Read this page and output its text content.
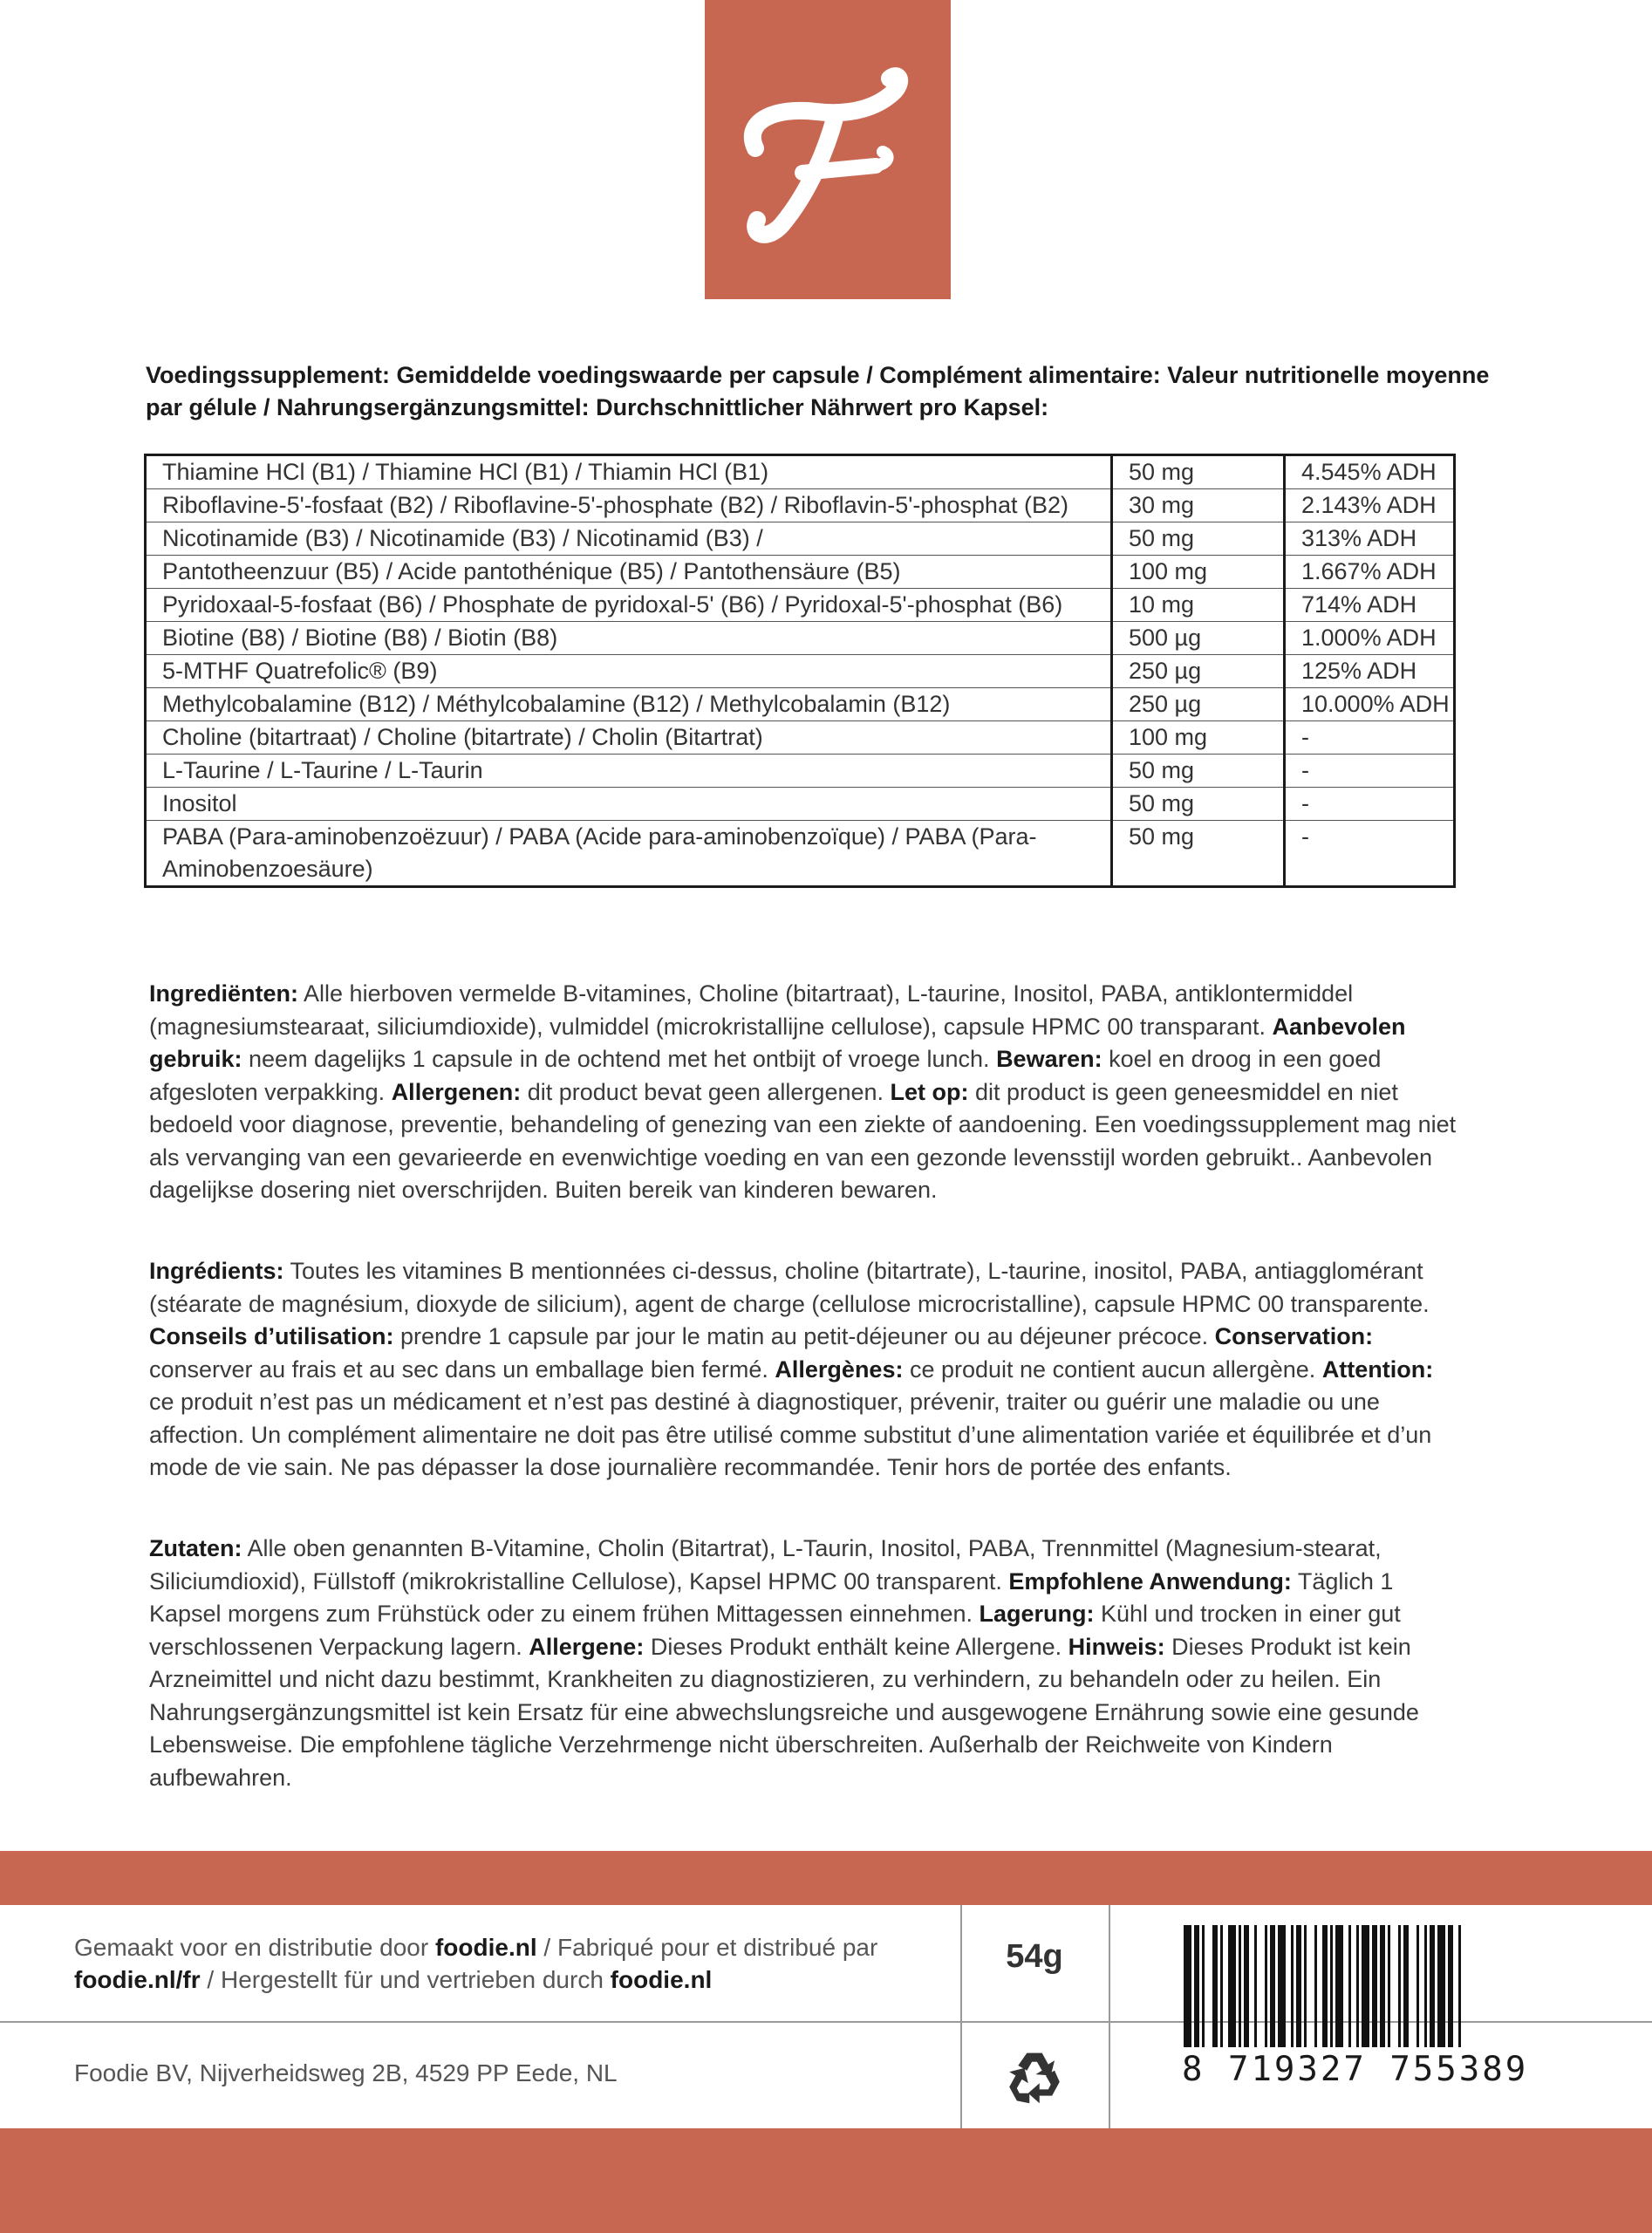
Voedingssupplement: Gemiddelde voedingswaarde per capsule / Complément alimentaire: Valeur nutritionelle moyenne par gélule / Nahrungsergänzungsmittel: Durchschnittlicher Nährwert pro Kapsel:
Thiamine HCl (B1) / Thiamine HCl (B1) / Thiamin HCl (B1)	50 mg	4.545% ADH
Riboflavine-5'-fosfaat (B2) / Riboflavine-5'-phosphate (B2) / Riboflavin-5'-phosphat (B2)	30 mg	2.143% ADH
Nicotinamide (B3) / Nicotinamide (B3) / Nicotinamid (B3) /	50 mg	313% ADH
Pantotheenzuur (B5) / Acide pantothénique (B5) / Pantothensäure (B5)	100 mg	1.667% ADH
Pyridoxaal-5-fosfaat (B6) / Phosphate de pyridoxal-5' (B6) / Pyridoxal-5'-phosphat (B6)	10 mg	714% ADH
Biotine (B8) / Biotine (B8) / Biotin (B8)	500 µg	1.000% ADH
5-MTHF Quatrefolic® (B9)	250 µg	125% ADH
Methylcobalamine (B12) / Méthylcobalamine (B12) / Methylcobalamin (B12)	250 µg	10.000% ADH
Choline (bitartraat) / Choline (bitartrate) / Cholin (Bitartrat)	100 mg	-
L-Taurine / L-Taurine / L-Taurin	50 mg	-
Inositol	50 mg	-
PABA (Para-aminobenzoëzuur) / PABA (Acide para-aminobenzoïque) / PABA (Para-Aminobenzoesäure)	50 mg	-
Ingrediënten: Alle hierboven vermelde B-vitamines, Choline (bitartraat), L-taurine, Inositol, PABA, antiklontermiddel (magnesiumstearaat, siliciumdioxide), vulmiddel (microkristallijne cellulose), capsule HPMC 00 transparant. Aanbevolen gebruik: neem dagelijks 1 capsule in de ochtend met het ontbijt of vroege lunch. Bewaren: koel en droog in een goed afgesloten verpakking. Allergenen: dit product bevat geen allergenen. Let op: dit product is geen geneesmiddel en niet bedoeld voor diagnose, preventie, behandeling of genezing van een ziekte of aandoening. Een voedingssupplement mag niet als vervanging van een gevarieerde en evenwichtige voeding en van een gezonde levensstijl worden gebruikt.. Aanbevolen dagelijkse dosering niet overschrijden. Buiten bereik van kinderen bewaren.
Ingrédients: Toutes les vitamines B mentionnées ci-dessus, choline (bitartrate), L-taurine, inositol, PABA, antiagglomérant (stéarate de magnésium, dioxyde de silicium), agent de charge (cellulose microcristalline), capsule HPMC 00 transparente. Conseils d’utilisation: prendre 1 capsule par jour le matin au petit-déjeuner ou au déjeuner précoce. Conservation: conserver au frais et au sec dans un emballage bien fermé. Allergènes: ce produit ne contient aucun allergène. Attention: ce produit n’est pas un médicament et n’est pas destiné à diagnostiquer, prévenir, traiter ou guérir une maladie ou une affection. Un complément alimentaire ne doit pas être utilisé comme substitut d’une alimentation variée et équilibrée et d’un mode de vie sain. Ne pas dépasser la dose journalière recommandée. Tenir hors de portée des enfants.
Zutaten: Alle oben genannten B-Vitamine, Cholin (Bitartrat), L-Taurin, Inositol, PABA, Trennmittel (Magnesium-stearat, Siliciumdioxid), Füllstoff (mikrokristalline Cellulose), Kapsel HPMC 00 transparent. Empfohlene Anwendung: Täglich 1 Kapsel morgens zum Frühstück oder zu einem frühen Mittagessen einnehmen. Lagerung: Kühl und trocken in einer gut verschlossenen Verpackung lagern. Allergene: Dieses Produkt enthält keine Allergene. Hinweis: Dieses Produkt ist kein Arzneimittel und nicht dazu bestimmt, Krankheiten zu diagnostizieren, zu verhindern, zu behandeln oder zu heilen. Ein Nahrungsergänzungsmittel ist kein Ersatz für eine abwechslungsreiche und ausgewogene Ernährung sowie eine gesunde Lebensweise. Die empfohlene tägliche Verzehrmenge nicht überschreiten. Außerhalb der Reichweite von Kindern aufbewahren.
Gemaakt voor en distributie door foodie.nl / Fabriqué pour et distribué par foodie.nl/fr / Hergestellt für und vertrieben durch foodie.nl
Foodie BV, Nijverheidsweg 2B, 4529 PP Eede, NL
54g
8 719327 755389
